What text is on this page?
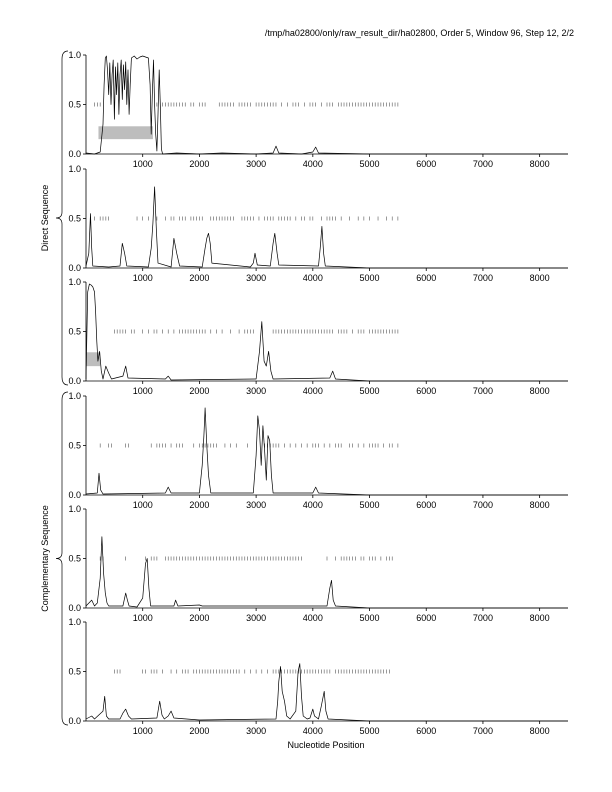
/tmp/ha02800/only/raw_result_dir/ha02800, Order 5, Window 96, Step 12, 2/2
0.0
0.5
1.0
1000	2000	3000	4000	5000	6000	7000	8000
0.0
0.5
1.0
1000	2000	3000	4000	5000	6000	7000	8000
0.0
0.5
1.0
1000	2000	3000	4000	5000	6000	7000	8000
0.0
0.5
1.0
1000	2000	3000	4000	5000	6000	7000	8000
0.0
0.5
1.0
1000	2000	3000	4000	5000	6000	7000	8000
0.0
0.5
1.0
1000	2000	3000	4000	5000	6000	7000	8000
Direct Sequence
Complementary Sequence
Nucleotide Position
